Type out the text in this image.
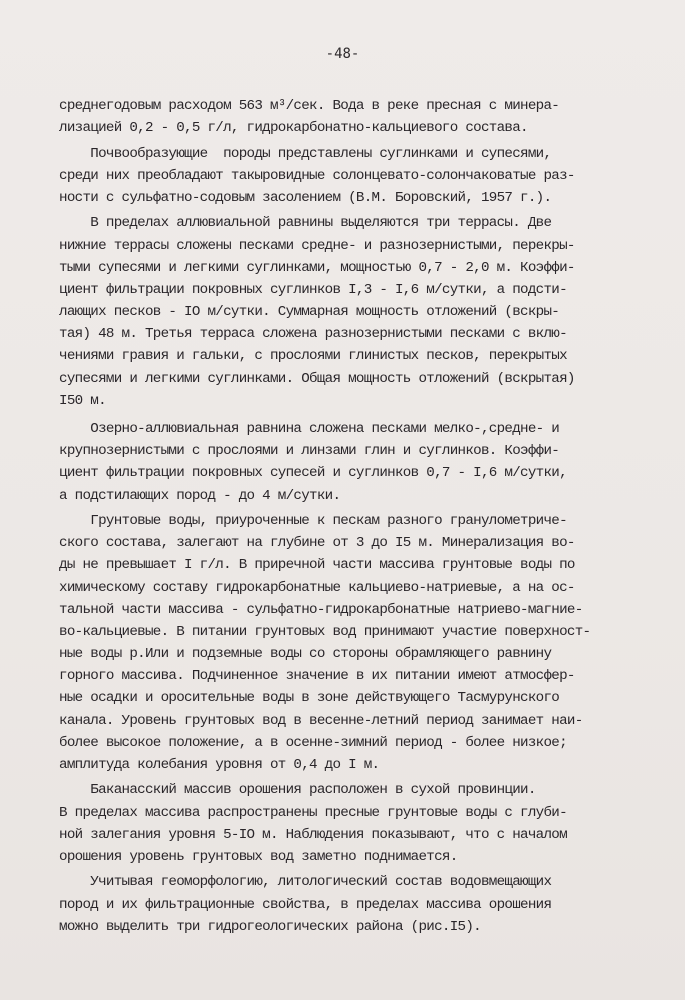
-48-
среднегодовым расходом 563 м³/сек. Вода в реке пресная с минера-
лизацией 0,2 - 0,5 г/л, гидрокарбонатно-кальциевого состава.
Почвообразующие  породы представлены суглинками и супесями,
среди них преобладают такыровидные солонцевато-солончаковатые раз-
ности с сульфатно-содовым засолением (В.М. Боровский, 1957 г.).
В пределах аллювиальной равнины выделяются три террасы. Две
нижние террасы сложены песками средне- и разнозернистыми, перекры-
тыми супесями и легкими суглинками, мощностью 0,7 - 2,0 м. Коэффи-
циент фильтрации покровных суглинков I,3 - I,6 м/сутки, а подсти-
лающих песков - IO м/сутки. Суммарная мощность отложений (вскры-
тая) 48 м. Третья терраса сложена разнозернистыми песками с вклю-
чениями гравия и гальки, с прослоями глинистых песков, перекрытых
супесями и легкими суглинками. Общая мощность отложений (вскрытая)
I50 м.
Озерно-аллювиальная равнина сложена песками мелко-,средне- и
крупнозернистыми с прослоями и линзами глин и суглинков. Коэффи-
циент фильтрации покровных супесей и суглинков 0,7 - I,6 м/сутки,
а подстилающих пород - до 4 м/сутки.
Грунтовые воды, приуроченные к пескам разного гранулометриче-
ского состава, залегают на глубине от 3 до I5 м. Минерализация во-
ды не превышает I г/л. В приречной части массива грунтовые воды по
химическому составу гидрокарбонатные кальциево-натриевые, а на ос-
тальной части массива - сульфатно-гидрокарбонатные натриево-магние-
во-кальциевые. В питании грунтовых вод принимают участие поверхност-
ные воды р.Или и подземные воды со стороны обрамляющего равнину
горного массива. Подчиненное значение в их питании имеют атмосфер-
ные осадки и оросительные воды в зоне действующего Тасмурунского
канала. Уровень грунтовых вод в весенне-летний период занимает наи-
более высокое положение, а в осенне-зимний период - более низкое;
амплитуда колебания уровня от 0,4 до I м.
Баканасский массив орошения расположен в сухой провинции.
В пределах массива распространены пресные грунтовые воды с глуби-
ной залегания уровня 5-IO м. Наблюдения показывают, что с началом
орошения уровень грунтовых вод заметно поднимается.
Учитывая геоморфологию, литологический состав водовмещающих
пород и их фильтрационные свойства, в пределах массива орошения
можно выделить три гидрогеологических района (рис.I5).
